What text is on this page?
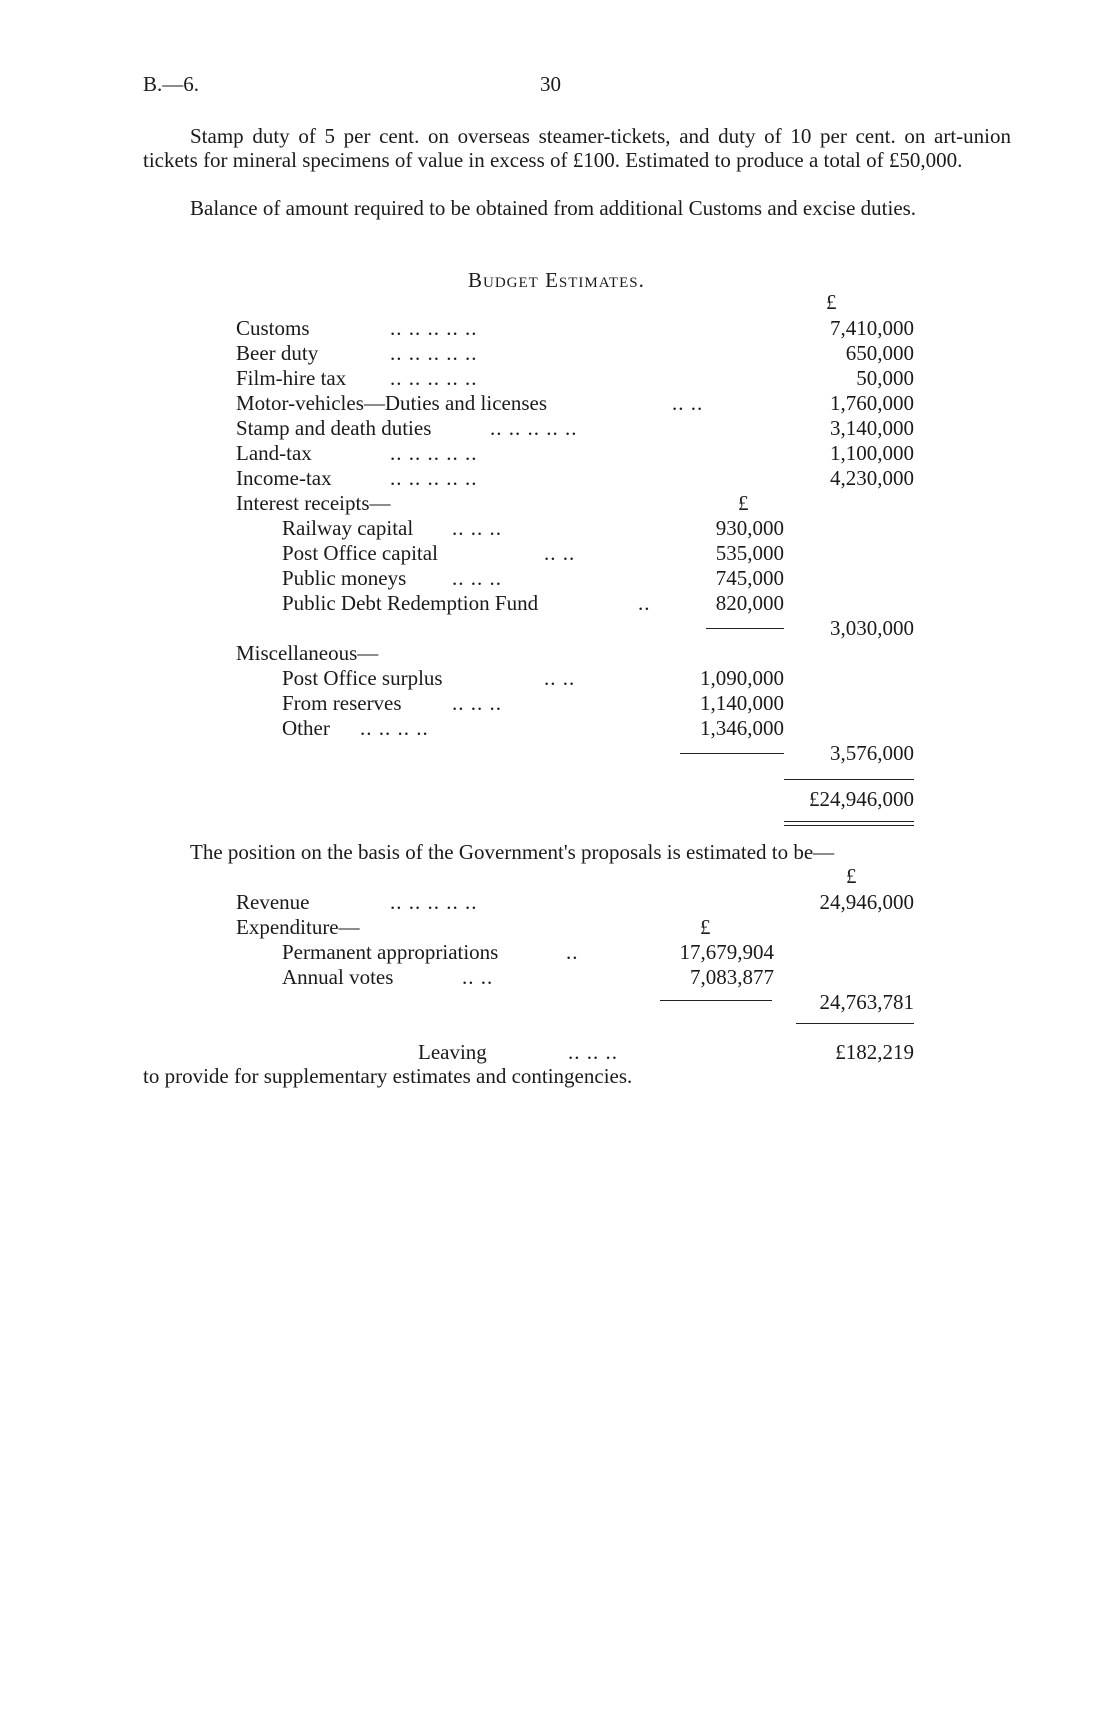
B.—6.	30
Stamp duty of 5 per cent. on overseas steamer-tickets, and duty of 10 per cent. on art-union tickets for mineral specimens of value in excess of £100. Estimated to produce a total of £50,000.
Balance of amount required to be obtained from additional Customs and excise duties.
Budget Estimates.
£
Customs	.. .. .. .. ..	7,410,000
Beer duty	.. .. .. .. ..	650,000
Film-hire tax .. .. .. .. ..	50,000
Motor-vehicles—Duties and licenses	.. ..	1,760,000
Stamp and death duties	.. .. .. .. ..	3,140,000
Land-tax	.. .. .. .. ..	1,100,000
Income-tax	.. .. .. .. ..	4,230,000
Interest receipts—	£
Railway capital .. .. ..	930,000
Post Office capital	.. ..	535,000
Public moneys .. .. ..	745,000
Public Debt Redemption Fund	..	820,000
3,030,000
Miscellaneous—
Post Office surplus	.. ..	1,090,000
From reserves .. .. ..	1,140,000
Other .. .. .. ..	1,346,000
3,576,000
£24,946,000
The position on the basis of the Government's proposals is estimated to be—
£
Revenue	.. .. .. .. ..	24,946,000
Expenditure—	£
Permanent appropriations	..	17,679,904
Annual votes	.. ..	7,083,877
24,763,781
Leaving	.. .. ..	£182,219
to provide for supplementary estimates and contingencies.
